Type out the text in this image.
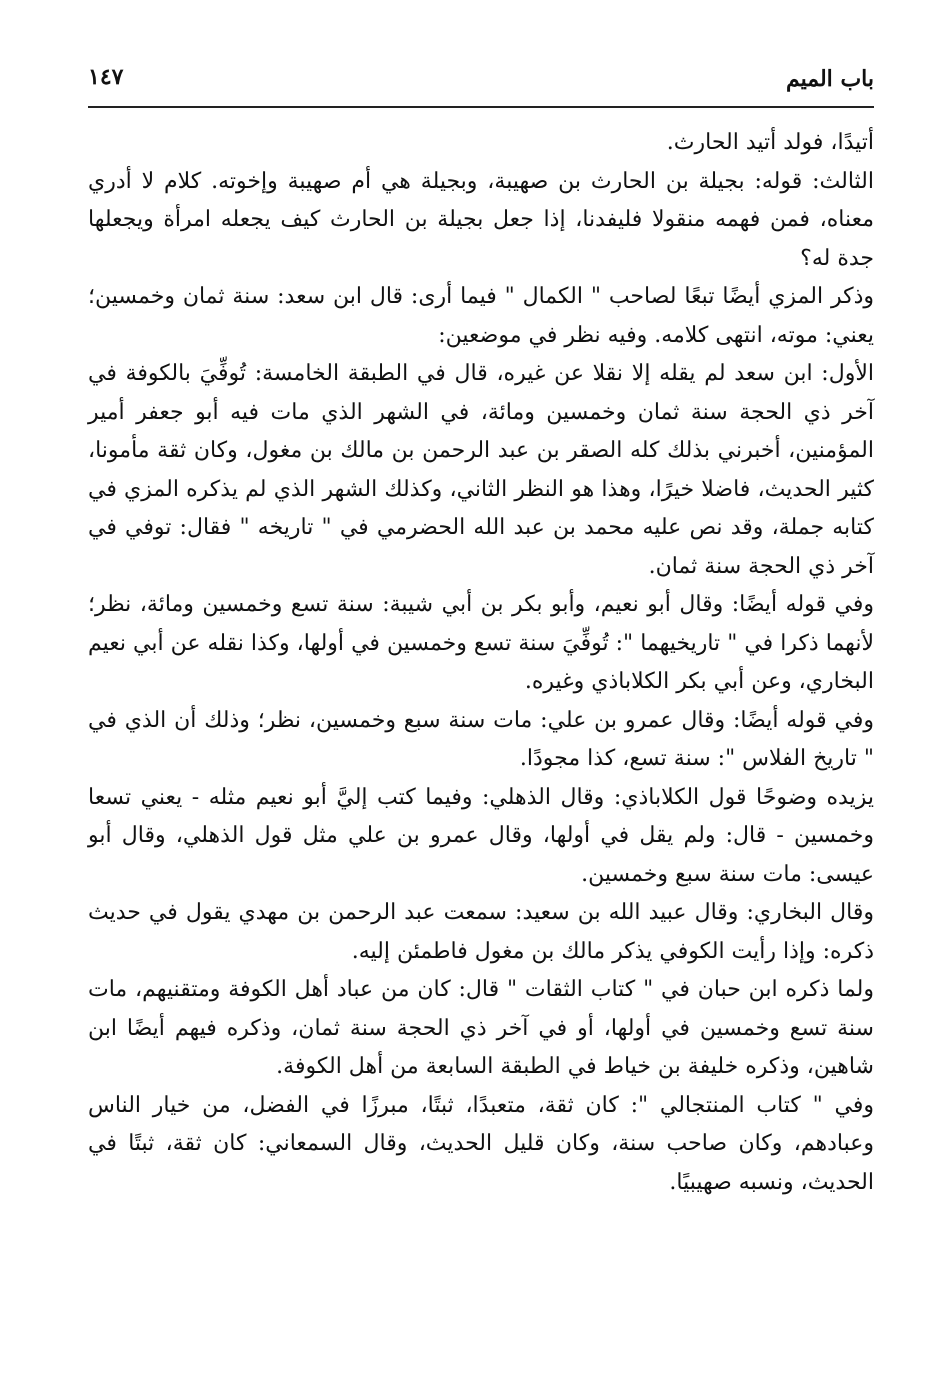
باب الميم
١٤٧

أتيدًا، فولد أتيد الحارث.

الثالث: قوله: بجيلة بن الحارث بن صهيبة، وبجيلة هي أم صهيبة وإخوته. كلام لا أدري معناه، فمن فهمه منقولا فليفدنا، إذا جعل بجيلة بن الحارث كيف يجعله امرأة ويجعلها جدة له؟

وذكر المزي أيضًا تبعًا لصاحب " الكمال " فيما أرى: قال ابن سعد: سنة ثمان وخمسين؛ يعني: موته، انتهى كلامه. وفيه نظر في موضعين:

الأول: ابن سعد لم يقله إلا نقلا عن غيره، قال في الطبقة الخامسة: تُوفِّيَ بالكوفة في آخر ذي الحجة سنة ثمان وخمسين ومائة، في الشهر الذي مات فيه أبو جعفر أمير المؤمنين، أخبرني بذلك كله الصقر بن عبد الرحمن بن مالك بن مغول، وكان ثقة مأمونا، كثير الحديث، فاضلا خيرًا، وهذا هو النظر الثاني، وكذلك الشهر الذي لم يذكره المزي في كتابه جملة، وقد نص عليه محمد بن عبد الله الحضرمي في " تاريخه " فقال: توفي في آخر ذي الحجة سنة ثمان.

وفي قوله أيضًا: وقال أبو نعيم، وأبو بكر بن أبي شيبة: سنة تسع وخمسين ومائة، نظر؛ لأنهما ذكرا في " تاريخيهما ": تُوفِّيَ سنة تسع وخمسين في أولها، وكذا نقله عن أبي نعيم البخاري، وعن أبي بكر الكلاباذي وغيره.

وفي قوله أيضًا: وقال عمرو بن علي: مات سنة سبع وخمسين، نظر؛ وذلك أن الذي في " تاريخ الفلاس ": سنة تسع، كذا مجودًا.

يزيده وضوحًا قول الكلاباذي: وقال الذهلي: وفيما كتب إليَّ أبو نعيم مثله - يعني تسعا وخمسين - قال: ولم يقل في أولها، وقال عمرو بن علي مثل قول الذهلي، وقال أبو عيسى: مات سنة سبع وخمسين.

وقال البخاري: وقال عبيد الله بن سعيد: سمعت عبد الرحمن بن مهدي يقول في حديث ذكره: وإذا رأيت الكوفي يذكر مالك بن مغول فاطمئن إليه.

ولما ذكره ابن حبان في " كتاب الثقات " قال: كان من عباد أهل الكوفة ومتقنيهم، مات سنة تسع وخمسين في أولها، أو في آخر ذي الحجة سنة ثمان، وذكره فيهم أيضًا ابن شاهين، وذكره خليفة بن خياط في الطبقة السابعة من أهل الكوفة.

وفي " كتاب المنتجالي ": كان ثقة، متعبدًا، ثبتًا، مبرزًا في الفضل، من خيار الناس وعبادهم، وكان صاحب سنة، وكان قليل الحديث، وقال السمعاني: كان ثقة، ثبتًا في الحديث، ونسبه صهيبيًا.
